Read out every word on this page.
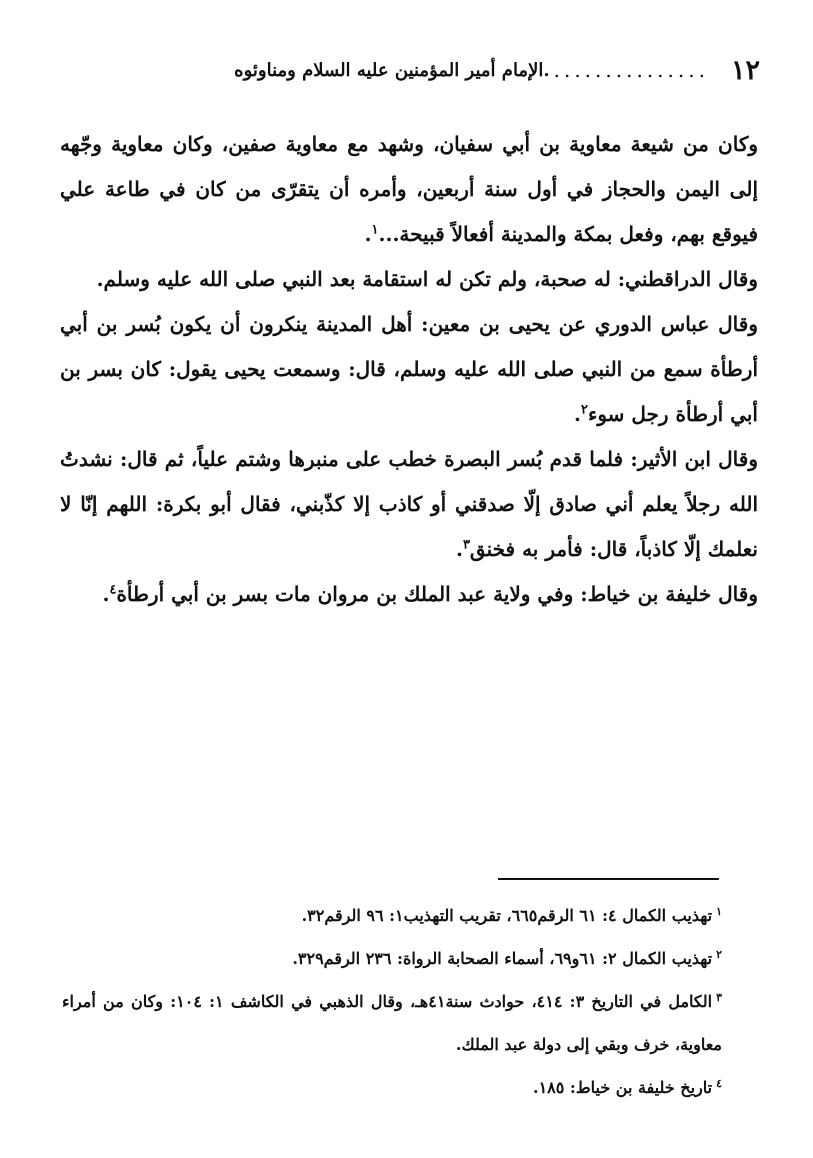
١٢
...............
.الإمام أمير المؤمنين عليه السلام ومناوئوه

وكان من شيعة معاوية بن أبي سفيان، وشهد مع معاوية صفين، وكان معاوية وجّهه إلى اليمن والحجاز في أول سنة أربعين، وأمره أن يتقرّى من كان في طاعة علي فيوقع بهم، وفعل بمكة والمدينة أفعالاً قبيحة...$^١$.

وقال الدراقطني: له صحبة، ولم تكن له استقامة بعد النبي صلى الله عليه وسلم.

وقال عباس الدوري عن يحيى بن معين: أهل المدينة ينكرون أن يكون بُسر بن أبي أرطأة سمع من النبي صلى الله عليه وسلم، قال: وسمعت يحيى يقول: كان بسر بن أبي أرطأة رجل سوء$^٢$.

وقال ابن الأثير: فلما قدم بُسر البصرة خطب على منبرها وشتم علياً، ثم قال: نشدتُ الله رجلاً يعلم أني صادق إلّا صدقني أو كاذب إلا كذّبني، فقال أبو بكرة: اللهم إنّا لا نعلمك إلّا كاذباً، قال: فأمر به فخنق$^٣$.

وقال خليفة بن خياط: وفي ولاية عبد الملك بن مروان مات بسر بن أبي أرطأة$^٤$.

$^١$تهذيب الكمال ٤: ٦١ الرقم٦٦٥، تقريب التهذيب١: ٩٦ الرقم٣٢.

$^٢$تهذيب الكمال ٢: ٦١و٦٩، أسماء الصحابة الرواة: ٢٣٦ الرقم٣٢٩.

$^٣$الكامل في التاريخ ٣: ٤١٤، حوادث سنة٤١هـ، وقال الذهبي في الكاشف ١: ١٠٤: وكان من أمراء معاوية، خرف وبقي إلى دولة عبد الملك.

$^٤$تاريخ خليفة بن خياط: ١٨٥.
